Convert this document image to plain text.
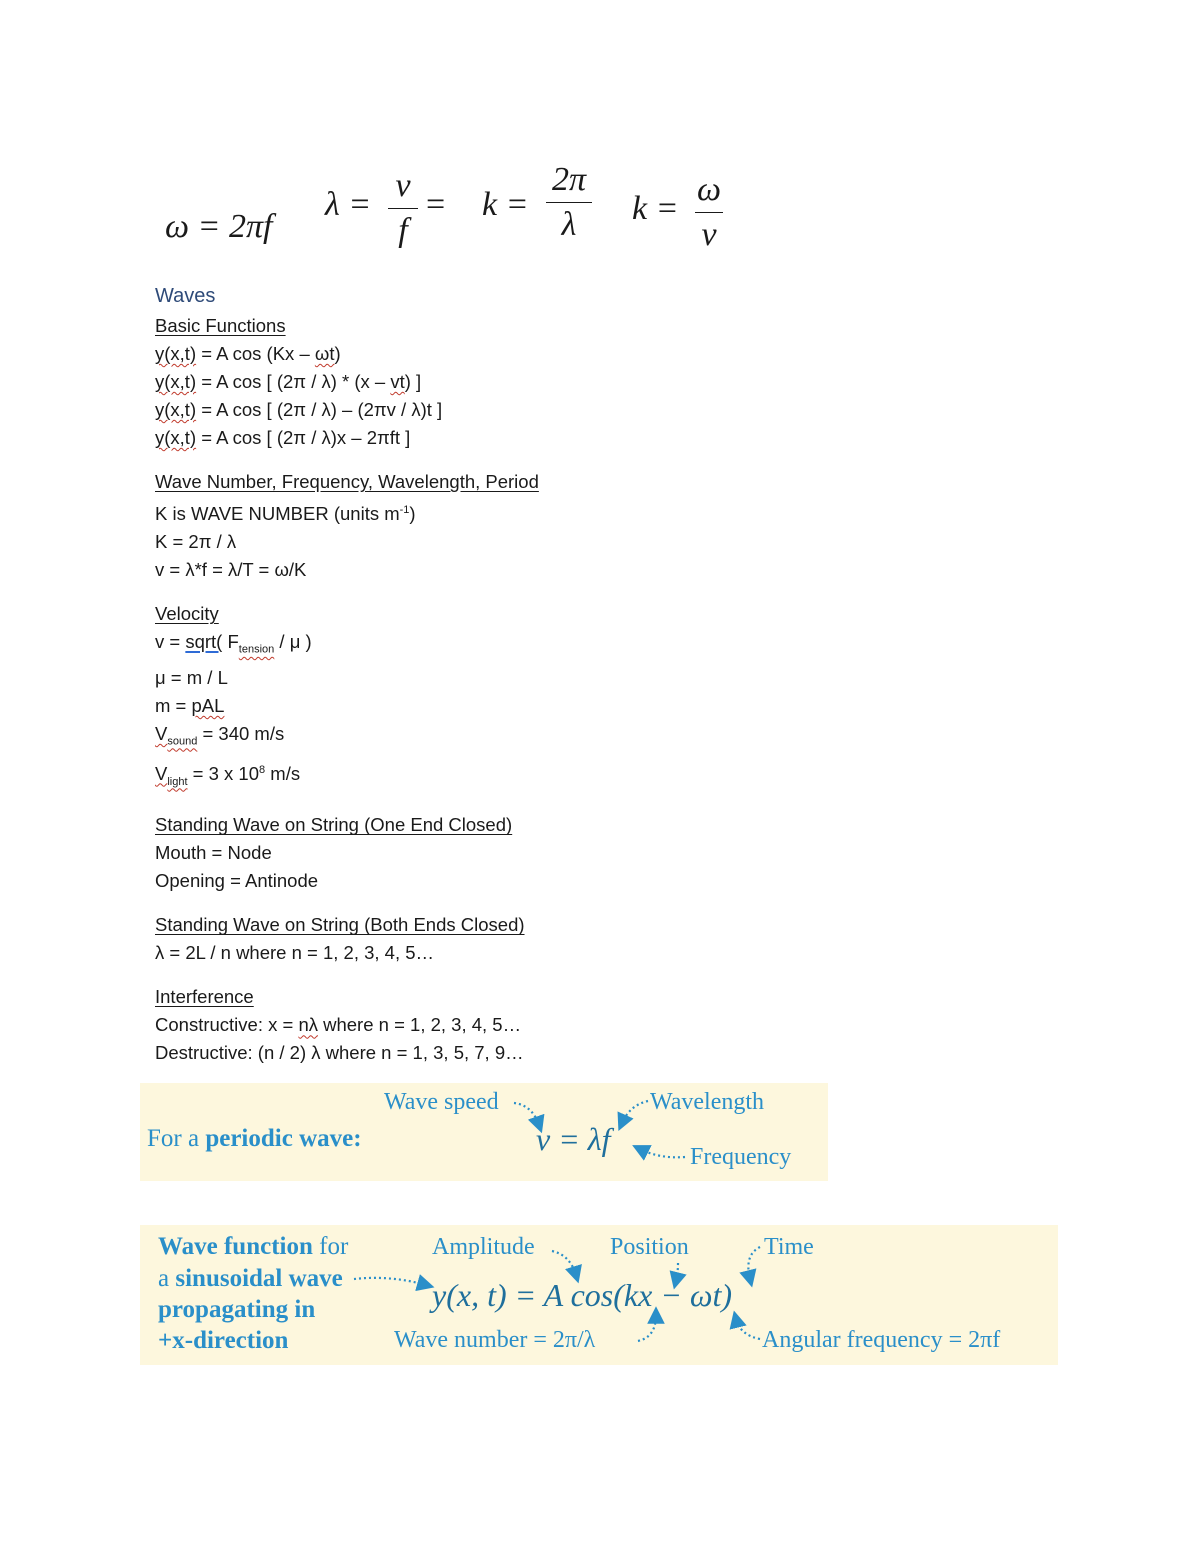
ω = 2πf
λ =
v
f
= k =
2π
λ	k =
ω
v
Waves
Basic Functions
y(x,t) = A cos (Kx – ωt)
y(x,t) = A cos [ (2π / λ) * (x – vt) ]
y(x,t) = A cos [ (2π / λ) – (2πv / λ)t ]
y(x,t) = A cos [ (2π / λ)x – 2πft ]
Wave Number, Frequency, Wavelength, Period
K is WAVE NUMBER (units $m^{-1}$)
K = 2π / λ
v = λ*f = λ/T = ω/K
Velocity
v = sqrt( $F_{tension}$ / μ )
μ = m / L
m = pAL
$V_{sound} = 340$ m/s
$V_{light} = 3$ x $10^8$ m/s
Standing Wave on String (One End Closed)
Mouth = Node
Opening = Antinode
Standing Wave on String (Both Ends Closed)
λ = 2L / n where n = 1, 2, 3, 4, 5…
Interference
Constructive: x = nλ where n = 1, 2, 3, 4, 5…
Destructive: (n / 2) λ where n = 1, 3, 5, 7, 9…
For a periodic wave:
Wave speed	Wavelength
Frequency
v = λf
Wave function for
a sinusoidal wave
propagating in
+x-direction
Amplitude	Position	Time
y(x, t) = A cos(kx − ωt)
Wave number = 2π/λ	Angular frequency = 2πf
